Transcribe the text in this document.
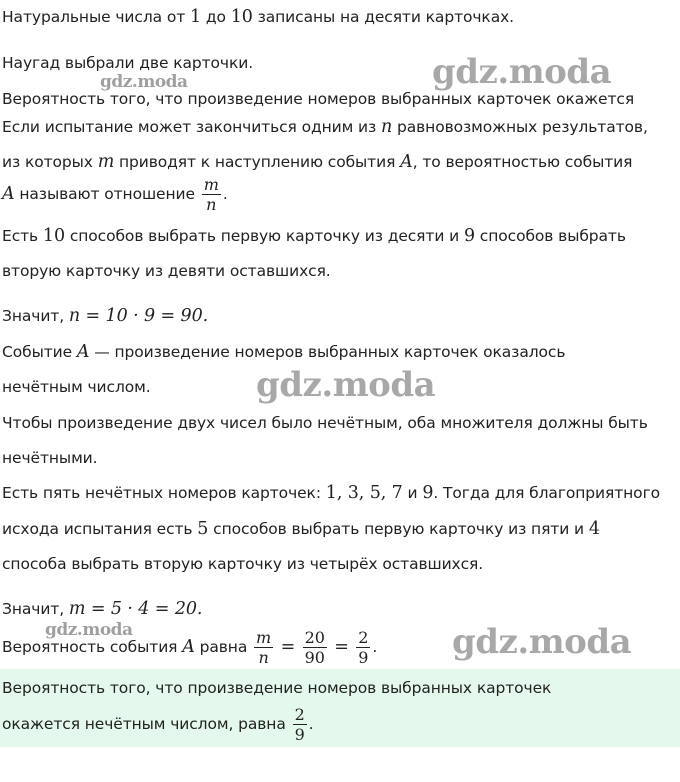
Натуральные числа от 1 до 10 записаны на десяти карточках.

Наугад выбрали две карточки.

Вероятность того, что произведение номеров выбранных карточек окажется

Если испытание может закончиться одним из n равновозможных результатов,

из которых m приводят к наступлению события A, то вероятностью события

A называют отношение $\frac{m}{n}$ .

Есть 10 способов выбрать первую карточку из десяти и 9 способов выбрать

вторую карточку из девяти оставшихся.

Значит, n = 10 · 9 = 90.

Событие A — произведение номеров выбранных карточек оказалось

нечётным числом.

Чтобы произведение двух чисел было нечётным, оба множителя должны быть

нечётными.

Есть пять нечётных номеров карточек: 1, 3, 5, 7 и 9. Тогда для благоприятного

исхода испытания есть 5 способов выбрать первую карточку из пяти и 4

способа выбрать вторую карточку из четырёх оставшихся.

Значит, m = 5 · 4 = 20.

Вероятность события A равна $\frac{m}{n} = \frac{20}{90} = \frac{2}{9}$ .

Вероятность того, что произведение номеров выбранных карточек

окажется нечётным числом, равна $\frac{2}{9}$ .

gdz.moda
gdz.moda
gdz.moda
gdz.moda	gdz.moda
